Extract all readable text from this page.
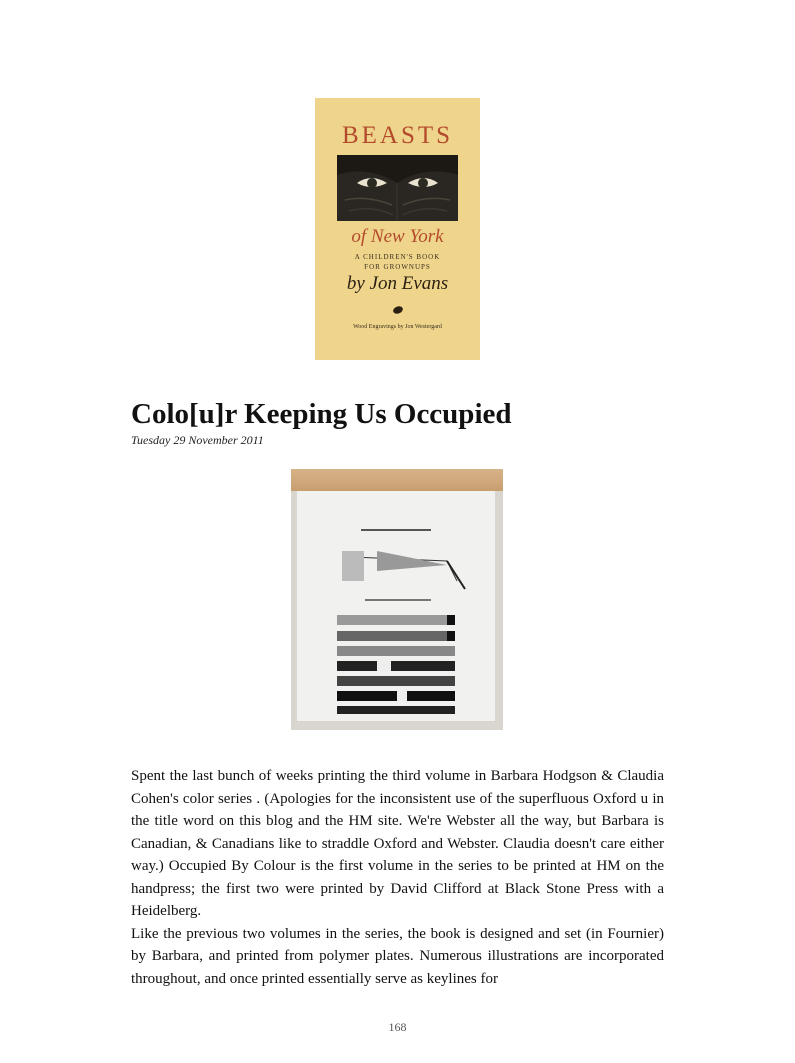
BEASTS
of New York
A CHILDREN'S BOOK
FOR GROWNUPS
by Jon Evans
Wood Engravings by Jon Westergard
Colo[u]r Keeping Us Occupied
Tuesday 29 November 2011

Spent the last bunch of weeks printing the third volume in Barbara Hodgson & Claudia Cohen's color series . (Apologies for the inconsistent use of the superfluous Oxford u in the title word on this blog and the HM site. We're Webster all the way, but Barbara is Canadian, & Canadians like to straddle Oxford and Webster. Claudia doesn't care either way.) Occupied By Colour is the first volume in the series to be printed at HM on the handpress; the first two were printed by David Clifford at Black Stone Press with a Heidelberg.

Like the previous two volumes in the series, the book is designed and set (in Fournier) by Barbara, and printed from polymer plates. Numerous illustrations are incorporated throughout, and once printed essentially serve as keylines for

168
